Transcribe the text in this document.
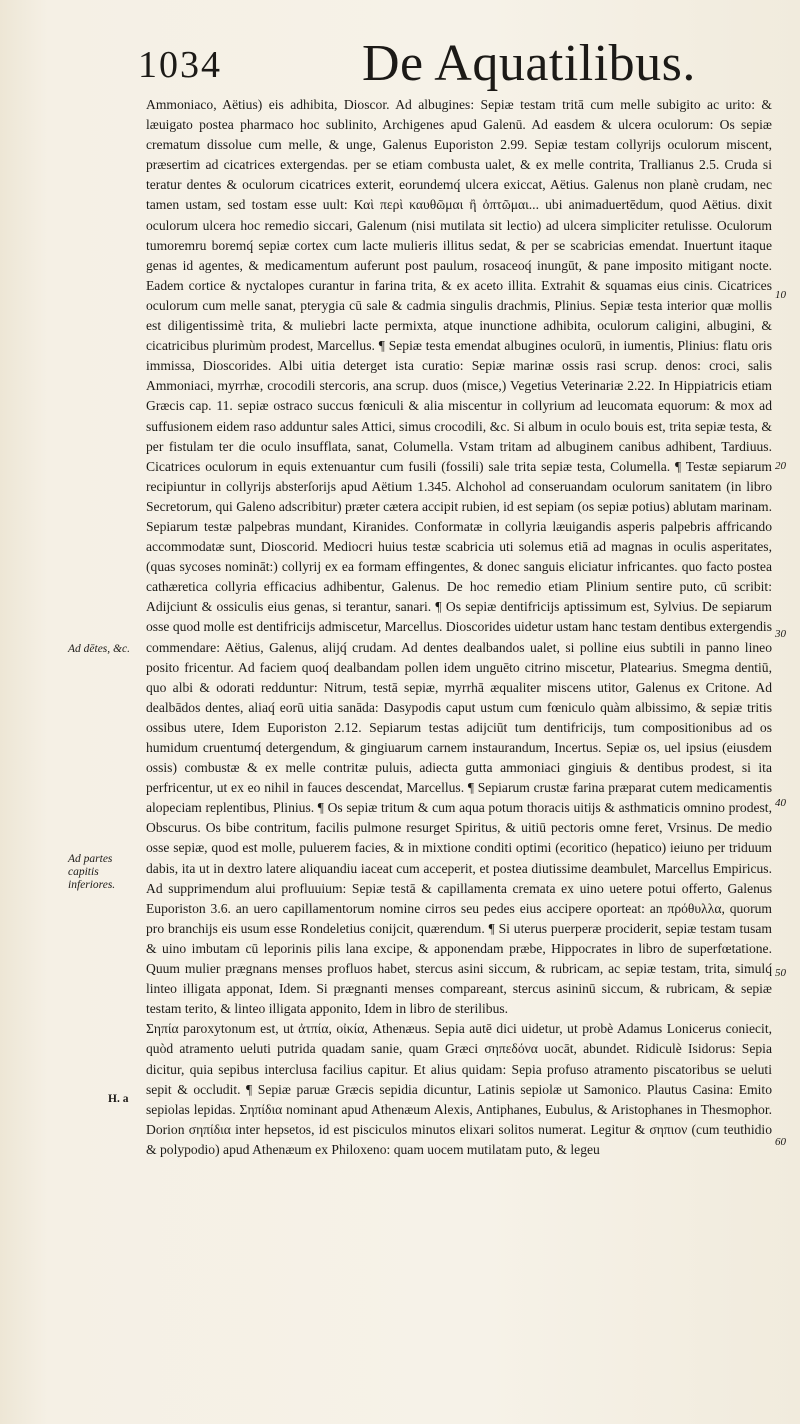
1034	De Aquatilibus.
Ad dētes, &c.
Ad partes capitis inferiores.
H. a
10
20
30
40
50
60

Ammoniaco, Aëtius) eis adhibita, Dioscor. Ad albugines: Sepiæ testam tritā cum melle subigito ac urito: & læuigato postea pharmaco hoc sublinito, Archigenes apud Galenū. Ad easdem & ulcera oculorum: Os sepiæ crematum dissolue cum melle, & unge, Galenus Euporiston 2.99. Sepiæ testam collyrijs oculorum miscent, præsertim ad cicatrices extergendas. per se etiam combusta ualet, & ex melle contrita, Trallianus 2.5. Cruda si teratur dentes & oculorum cicatrices exterit, eorundemq́ ulcera exiccat, Aëtius. Galenus non planè crudam, nec tamen ustam, sed tostam esse uult: Καὶ περὶ καυθῶμαι ἢ ὀπτῶμαι... ubi animaduertēdum, quod Aëtius. dixit oculorum ulcera hoc remedio siccari, Galenum (nisi mutilata sit lectio) ad ulcera simpliciter retulisse. Oculorum tumoremru boremq́ sepiæ cortex cum lacte mulieris illitus sedat, & per se scabricias emendat. Inuertunt itaque genas id agentes, & medicamentum auferunt post paulum, rosaceoq́ inungūt, & pane imposito mitigant nocte. Eadem cortice & nyctalopes curantur in farina trita, & ex aceto illita. Extrahit & squamas eius cinis. Cicatrices oculorum cum melle sanat, pterygia cū sale & cadmia singulis drachmis, Plinius. Sepiæ testa interior quæ mollis est diligentissimè trita, & muliebri lacte permixta, atque inunctione adhibita, oculorum caligini, albugini, & cicatricibus plurimùm prodest, Marcellus. ¶ Sepiæ testa emendat albugines oculorū, in iumentis, Plinius: flatu oris immissa, Dioscorides. Albi uitia deterget ista curatio: Sepiæ marinæ ossis rasi scrup. denos: croci, salis Ammoniaci, myrrhæ, crocodili stercoris, ana scrup. duos (misce,) Vegetius Veterinariæ 2.22. In Hippiatricis etiam Græcis cap. 11. sepiæ ostraco succus fœniculi & alia miscentur in collyrium ad leucomata equorum: & mox ad suffusionem eidem raso adduntur sales Attici, simus crocodili, &c. Si album in oculo bouis est, trita sepiæ testa, & per fistulam ter die oculo insufflata, sanat, Columella. Vstam tritam ad albuginem canibus adhibent, Tardiuus. Cicatrices oculorum in equis extenuantur cum fusili (fossili) sale trita sepiæ testa, Columella. ¶ Testæ sepiarum recipiuntur in collyrijs absterſorijs apud Aëtium 1.345. Alchohol ad conseruandam oculorum sanitatem (in libro Secretorum, qui Galeno adscribitur) præter cætera accipit rubien, id est sepiam (os sepiæ potius) ablutam marinam. Sepiarum testæ palpebras mundant, Kiranides. Conformatæ in collyria læuigandis asperis palpebris affricando accommodatæ sunt, Dioscorid. Mediocri huius testæ scabricia uti solemus etiā ad magnas in oculis asperitates, (quas sycoses nomināt:) collyrij ex ea formam effingentes, & donec sanguis eliciatur infricantes. quo facto postea cathæretica collyria efficacius adhibentur, Galenus. De hoc remedio etiam Plinium sentire puto, cū scribit: Adijciunt & ossiculis eius genas, si terantur, sanari. ¶ Os sepiæ dentifricijs aptissimum est, Sylvius. De sepiarum osse quod molle est dentifricijs admiscetur, Marcellus. Dioscorides uidetur ustam hanc testam dentibus extergendis commendare: Aëtius, Galenus, alijq́ crudam. Ad dentes dealbandos ualet, si polline eius subtili in panno lineo posito fricentur. Ad faciem quoq́ dealbandam pollen idem unguēto citrino miscetur, Platearius. Smegma dentiū, quo albi & odorati redduntur: Nitrum, testā sepiæ, myrrhā æqualiter miscens utitor, Galenus ex Critone. Ad dealbādos dentes, aliaq́ eorū uitia sanāda: Dasypodis caput ustum cum fœniculo quàm albissimo, & sepiæ tritis ossibus utere, Idem Euporiston 2.12. Sepiarum testas adijciūt tum dentifricijs, tum compositionibus ad os humidum cruentumq́ detergendum, & gingiuarum carnem instaurandum, Incertus. Sepiæ os, uel ipsius (eiusdem ossis) combustæ & ex melle contritæ puluis, adiecta gutta ammoniaci gingiuis & dentibus prodest, si ita perfricentur, ut ex eo nihil in fauces descendat, Marcellus. ¶ Sepiarum crustæ farina præparat cutem medicamentis alopeciam replentibus, Plinius. ¶ Os sepiæ tritum & cum aqua potum thoracis uitijs & asthmaticis omnino prodest, Obscurus. Os bibe contritum, facilis pulmone resurget Spiritus, & uitiū pectoris omne feret, Vrsinus. De medio osse sepiæ, quod est molle, puluerem facies, & in mixtione conditi optimi (ecoritico (hepatico) ieiuno per triduum dabis, ita ut in dextro latere aliquandiu iaceat cum acceperit, et postea diutissime deambulet, Marcellus Empiricus. Ad supprimendum alui profluuium: Sepiæ testā & capillamenta cremata ex uino uetere potui offerto, Galenus Euporiston 3.6. an uero capillamentorum nomine cirros seu pedes eius accipere oporteat: an πρόθυλλα, quorum pro branchijs eis usum esse Rondeletius conijcit, quærendum. ¶ Si uterus puerperæ prociderit, sepiæ testam tusam & uino imbutam cū leporinis pilis lana excipe, & apponendam præbe, Hippocrates in libro de superfœtatione. Quum mulier prægnans menses profluos habet, stercus asini siccum, & rubricam, ac sepiæ testam, trita, simulq́ linteo illigata apponat, Idem. Si prægnanti menses compareant, stercus asininū siccum, & rubricam, & sepiæ testam terito, & linteo illigata apponito, Idem in libro de sterilibus.

Σηπία paroxytonum est, ut ἀτπία, οἰκία, Athenæus. Sepia autē dici uidetur, ut probè Adamus Lonicerus coniecit, quòd atramento ueluti putrida quadam sanie, quam Græci σηπεδόνα uocāt, abundet. Ridiculè Isidorus: Sepia dicitur, quia sepibus interclusa facilius capitur. Et alius quidam: Sepia profuso atramento piscatoribus se ueluti sepit & occludit. ¶ Sepiæ paruæ Græcis sepidia dicuntur, Latinis sepiolæ ut Samonico. Plautus Casina: Emito sepiolas lepidas. Σηπίδια nominant apud Athenæum Alexis, Antiphanes, Eubulus, & Aristophanes in Thesmophor. Dorion σηπίδια inter hepsetos, id est pisciculos minutos elixari solitos numerat. Legitur & σηπιον (cum teuthidio & polypodio) apud Athenæum ex Philoxeno: quam uocem mutilatam puto, & legeu
